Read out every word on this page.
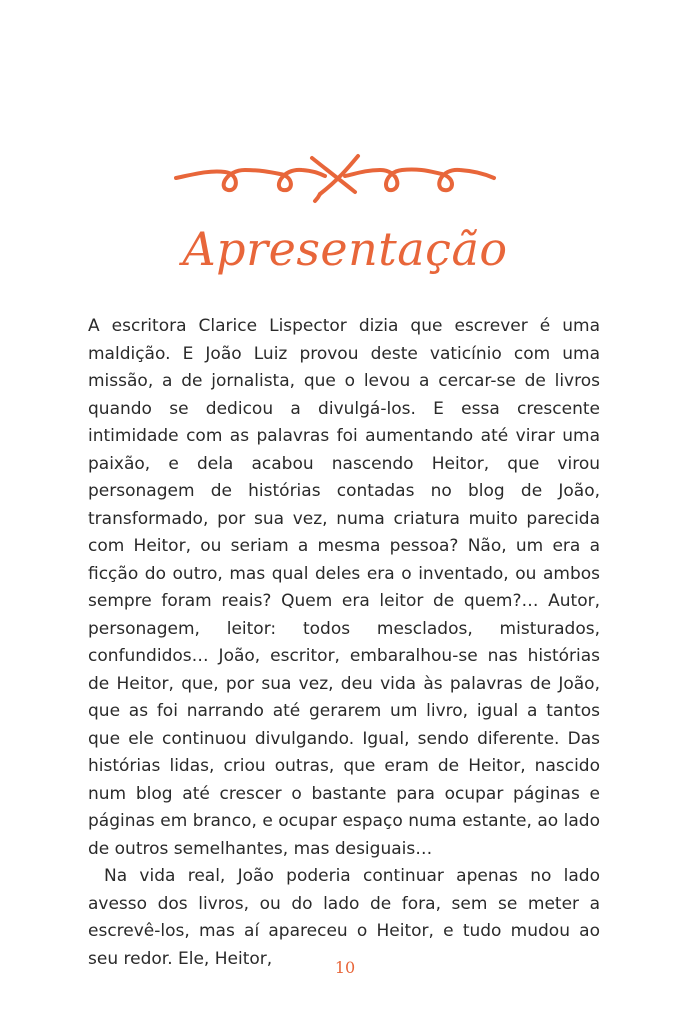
Apresentação

A escritora Clarice Lispector dizia que escrever é uma maldição. E João Luiz provou deste vaticínio com uma missão, a de jornalista, que o levou a cercar-se de livros quando se dedicou a divulgá-los. E essa crescente intimidade com as palavras foi aumentando até virar uma paixão, e dela acabou nascendo Heitor, que virou personagem de histórias contadas no blog de João, transformado, por sua vez, numa criatura muito parecida com Heitor, ou seriam a mesma pessoa? Não, um era a ficção do outro, mas qual deles era o inventado, ou ambos sempre foram reais? Quem era leitor de quem?… Autor, personagem, leitor: todos mesclados, misturados, confundidos… João, escritor, embaralhou-se nas histórias de Heitor, que, por sua vez, deu vida às palavras de João, que as foi narrando até gerarem um livro, igual a tantos que ele continuou divulgando. Igual, sendo diferente. Das histórias lidas, criou outras, que eram de Heitor, nascido num blog até crescer o bastante para ocupar páginas e páginas em branco, e ocupar espaço numa estante, ao lado de outros semelhantes, mas desiguais…

Na vida real, João poderia continuar apenas no lado avesso dos livros, ou do lado de fora, sem se meter a escrevê-los, mas aí apareceu o Heitor, e tudo mudou ao seu redor. Ele, Heitor,	10
